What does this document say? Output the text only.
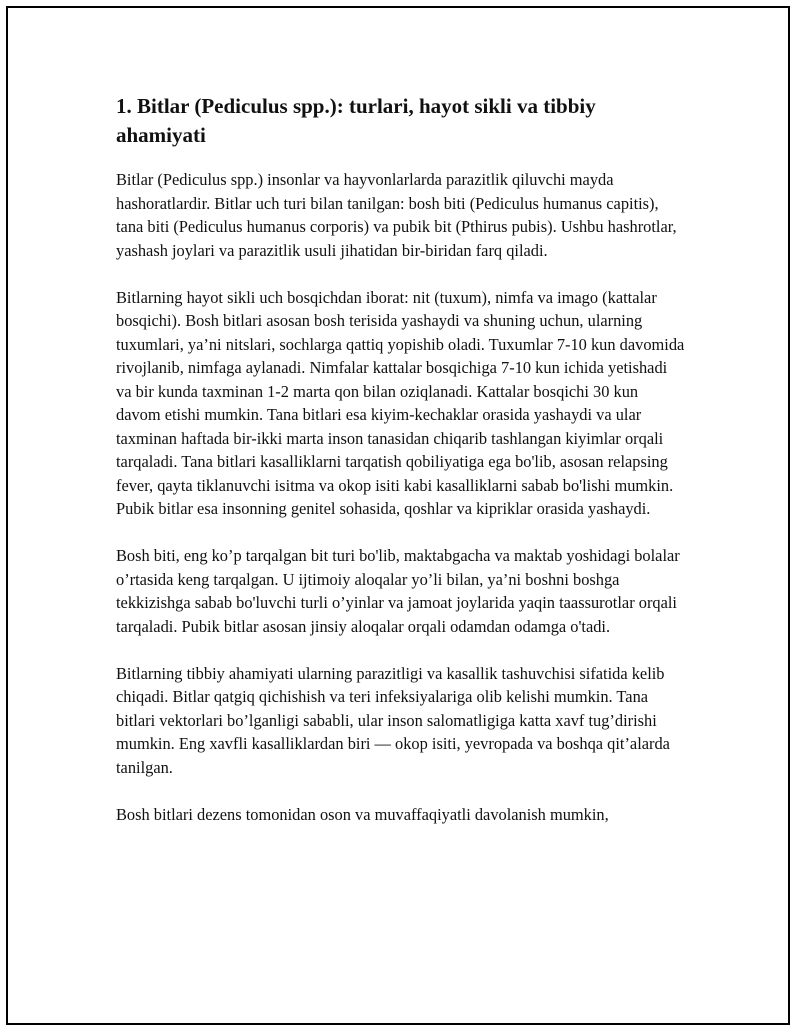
1. Bitlar (Pediculus spp.): turlari, hayot sikli va tibbiy ahamiyati

Bitlar (Pediculus spp.) insonlar va hayvonlarlarda parazitlik qiluvchi mayda hashoratlardir. Bitlar uch turi bilan tanilgan: bosh biti (Pediculus humanus capitis), tana biti (Pediculus humanus corporis) va pubik bit (Pthirus pubis). Ushbu hashrotlar, yashash joylari va parazitlik usuli jihatidan bir-biridan farq qiladi.

Bitlarning hayot sikli uch bosqichdan iborat: nit (tuxum), nimfa va imago (kattalar bosqichi). Bosh bitlari asosan bosh terisida yashaydi va shuning uchun, ularning tuxumlari, ya’ni nitslari, sochlarga qattiq yopishib oladi. Tuxumlar 7-10 kun davomida rivojlanib, nimfaga aylanadi. Nimfalar kattalar bosqichiga 7-10 kun ichida yetishadi va bir kunda taxminan 1-2 marta qon bilan oziqlanadi. Kattalar bosqichi 30 kun davom etishi mumkin. Tana bitlari esa kiyim-kechaklar orasida yashaydi va ular taxminan haftada bir-ikki marta inson tanasidan chiqarib tashlangan kiyimlar orqali tarqaladi. Tana bitlari kasalliklarni tarqatish qobiliyatiga ega bo'lib, asosan relapsing fever, qayta tiklanuvchi isitma va okop isiti kabi kasalliklarni sabab bo'lishi mumkin. Pubik bitlar esa insonning genitel sohasida, qoshlar va kipriklar orasida yashaydi.

Bosh biti, eng ko’p tarqalgan bit turi bo'lib, maktabgacha va maktab yoshidagi bolalar o’rtasida keng tarqalgan. U ijtimoiy aloqalar yo’li bilan, ya’ni boshni boshga tekkizishga sabab bo'luvchi turli o’yinlar va jamoat joylarida yaqin taassurotlar orqali tarqaladi. Pubik bitlar asosan jinsiy aloqalar orqali odamdan odamga o'tadi.

Bitlarning tibbiy ahamiyati ularning parazitligi va kasallik tashuvchisi sifatida kelib chiqadi. Bitlar qatgiq qichishish va teri infeksiyalariga olib kelishi mumkin. Tana bitlari vektorlari bo’lganligi sababli, ular inson salomatligiga katta xavf tug’dirishi mumkin. Eng xavfli kasalliklardan biri — okop isiti, yevropada va boshqa qit’alarda tanilgan.

Bosh bitlari dezens tomonidan oson va muvaffaqiyatli davolanish mumkin,
